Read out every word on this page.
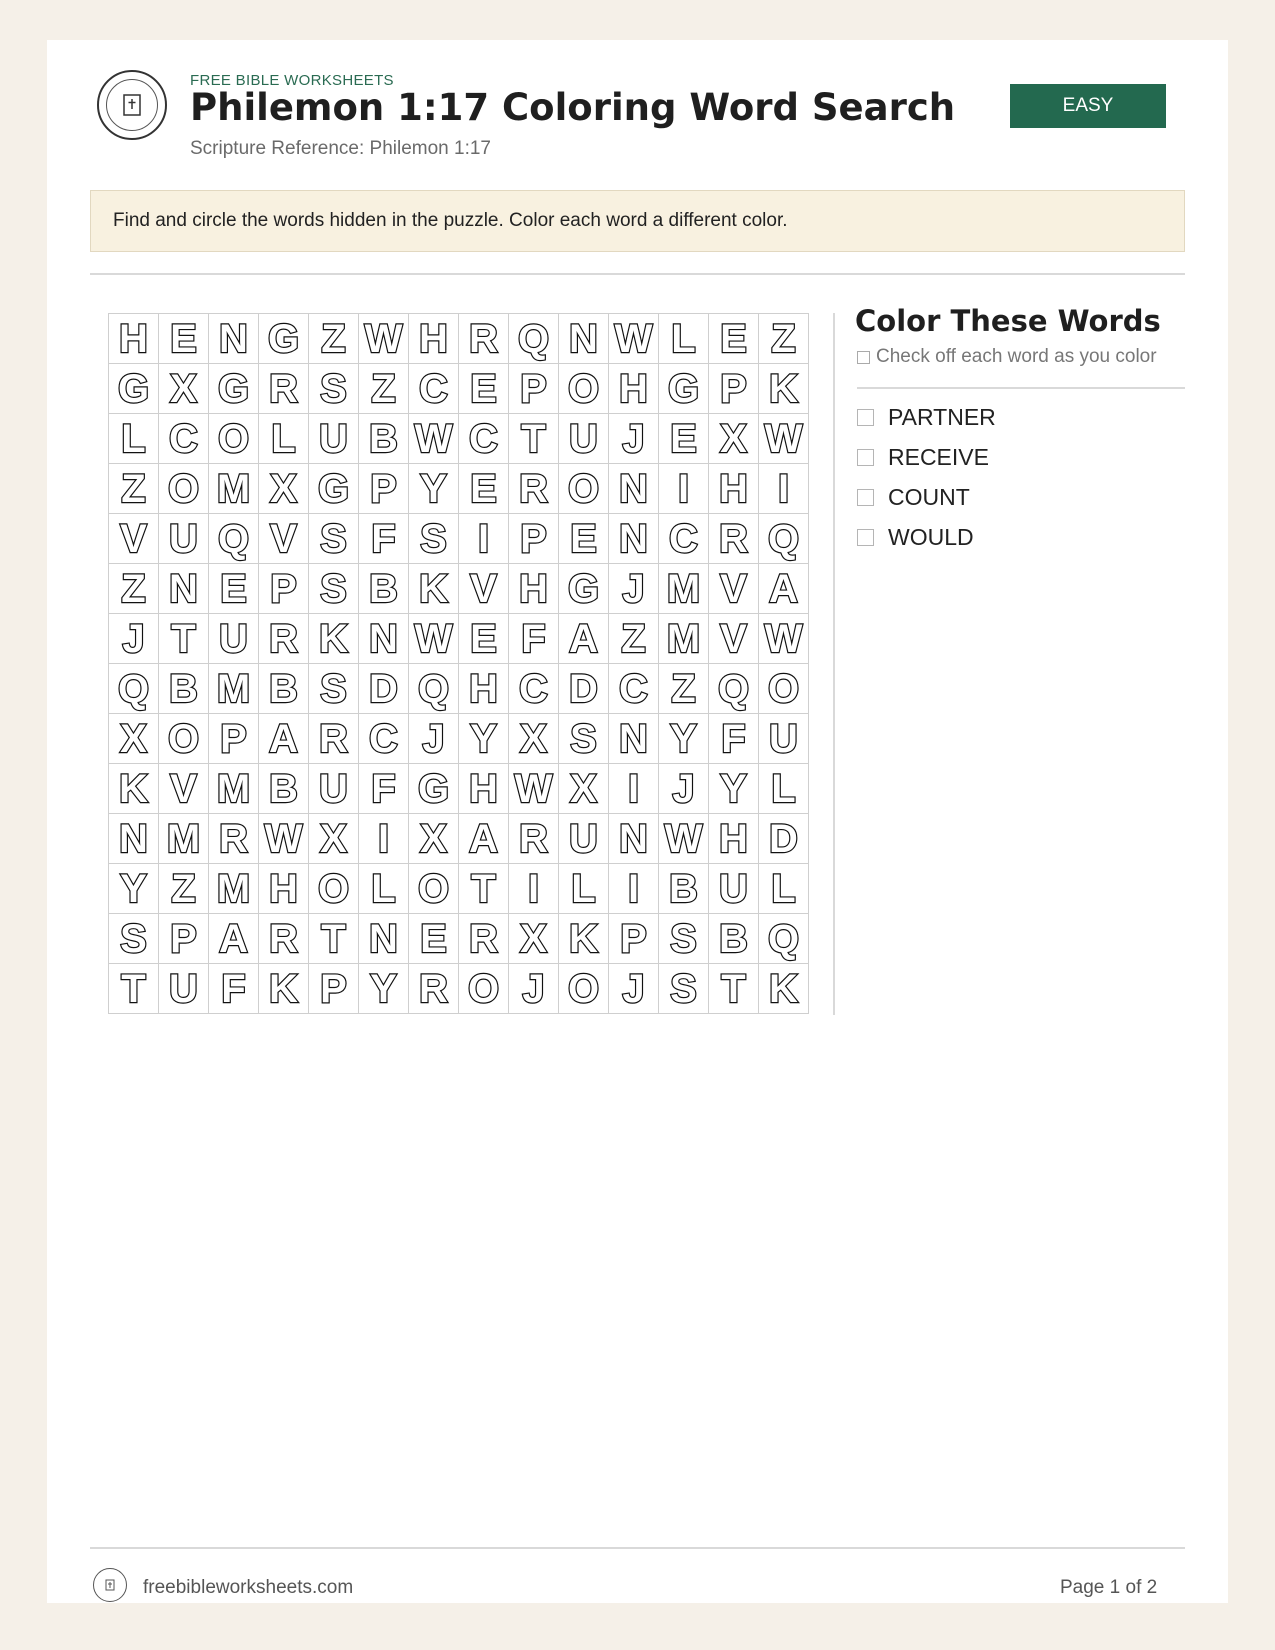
FREE BIBLE WORKSHEETS
Philemon 1:17 Coloring Word Search
Scripture Reference: Philemon 1:17
EASY
Find and circle the words hidden in the puzzle. Color each word a different color.
H E N G Z W H R Q N W L E Z
G X G R S Z C E P O H G P K
L C O L U B W C T U J E X W
Z O M X G P Y E R O N I H I
V U Q V S F S I P E N C R Q
Z N E P S B K V H G J M V A
J T U R K N W E F A Z M V W
Q B M B S D Q H C D C Z Q O
X O P A R C J Y X S N Y F U
K V M B U F G H W X I J Y L
N M R W X I X A R U N W H D
Y Z M H O L O T I L I B U L
S P A R T N E R X K P S B Q
T U F K P Y R O J O J S T K
Color These Words
Check off each word as you color
PARTNER
RECEIVE
COUNT
WOULD
freebibleworksheets.com	Page 1 of 2
